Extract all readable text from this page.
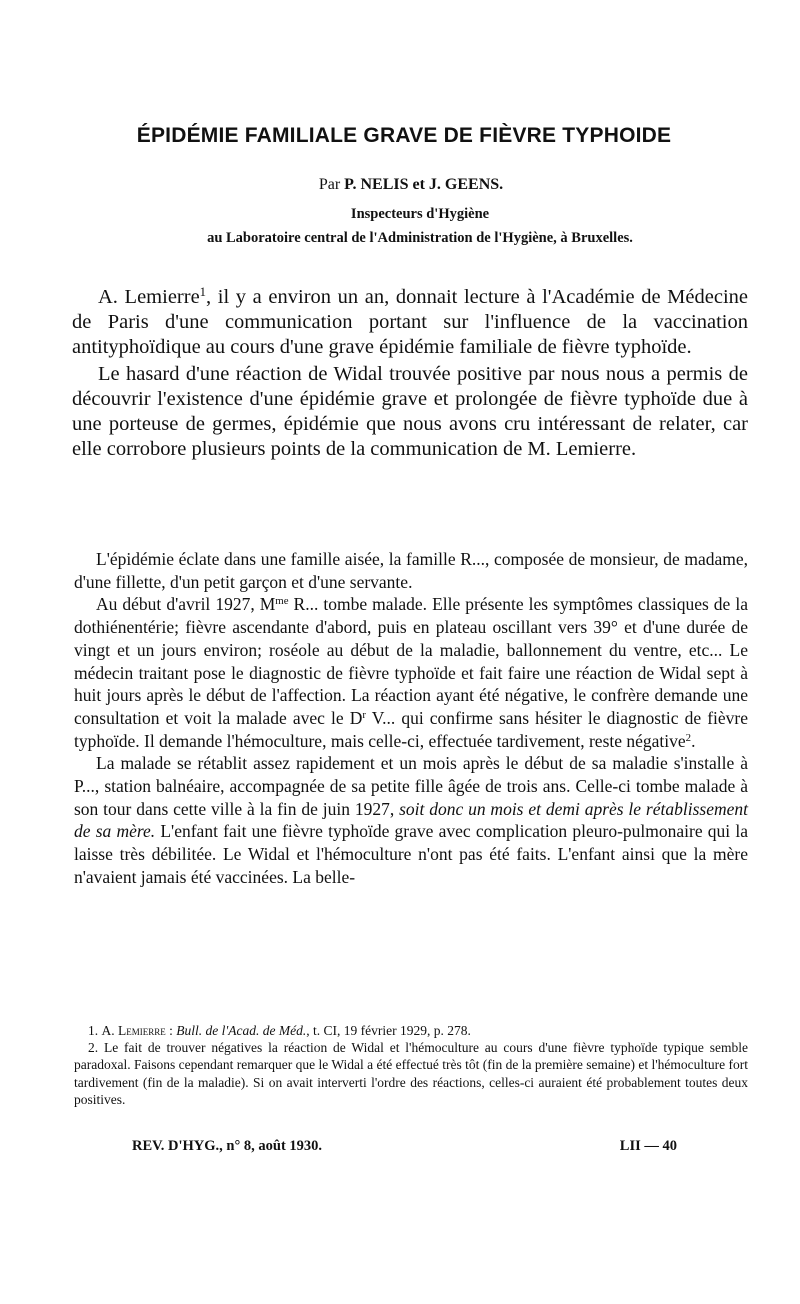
ÉPIDÉMIE FAMILIALE GRAVE DE FIÈVRE TYPHOIDE
Par P. NELIS et J. GEENS.
Inspecteurs d'Hygiène
au Laboratoire central de l'Administration de l'Hygiène, à Bruxelles.

A. Lemierre$^1$, il y a environ un an, donnait lecture à l'Académie de Médecine de Paris d'une communication portant sur l'influence de la vaccination antityphoïdique au cours d'une grave épidémie familiale de fièvre typhoïde.

Le hasard d'une réaction de Widal trouvée positive par nous nous a permis de découvrir l'existence d'une épidémie grave et prolongée de fièvre typhoïde due à une porteuse de germes, épidémie que nous avons cru intéressant de relater, car elle corrobore plusieurs points de la communication de M. Lemierre.

L'épidémie éclate dans une famille aisée, la famille R..., composée de monsieur, de madame, d'une fillette, d'un petit garçon et d'une servante.

Au début d'avril 1927, $M^{me}$ R... tombe malade. Elle présente les symptômes classiques de la dothiénentérie; fièvre ascendante d'abord, puis en plateau oscillant vers 39° et d'une durée de vingt et un jours environ; roséole au début de la maladie, ballonnement du ventre, etc... Le médecin traitant pose le diagnostic de fièvre typhoïde et fait faire une réaction de Widal sept à huit jours après le début de l'affection. La réaction ayant été négative, le confrère demande une consultation et voit la malade avec le $D^r$ V... qui confirme sans hésiter le diagnostic de fièvre typhoïde. Il demande l'hémoculture, mais celle-ci, effectuée tardivement, reste négative$^2$.

La malade se rétablit assez rapidement et un mois après le début de sa maladie s'installe à P..., station balnéaire, accompagnée de sa petite fille âgée de trois ans. Celle-ci tombe malade à son tour dans cette ville à la fin de juin 1927, soit donc un mois et demi après le rétablissement de sa mère. L'enfant fait une fièvre typhoïde grave avec complication pleuro-pulmonaire qui la laisse très débilitée. Le Widal et l'hémoculture n'ont pas été faits. L'enfant ainsi que la mère n'avaient jamais été vaccinées. La belle-

1. A. Lemierre : Bull. de l'Acad. de Méd., t. CI, 19 février 1929, p. 278.

2. Le fait de trouver négatives la réaction de Widal et l'hémoculture au cours d'une fièvre typhoïde typique semble paradoxal. Faisons cependant remarquer que le Widal a été effectué très tôt (fin de la première semaine) et l'hémoculture fort tardivement (fin de la maladie). Si on avait interverti l'ordre des réactions, celles-ci auraient été probablement toutes deux positives.

REV. D'HYG., n° 8, août 1930.	LII — 40
